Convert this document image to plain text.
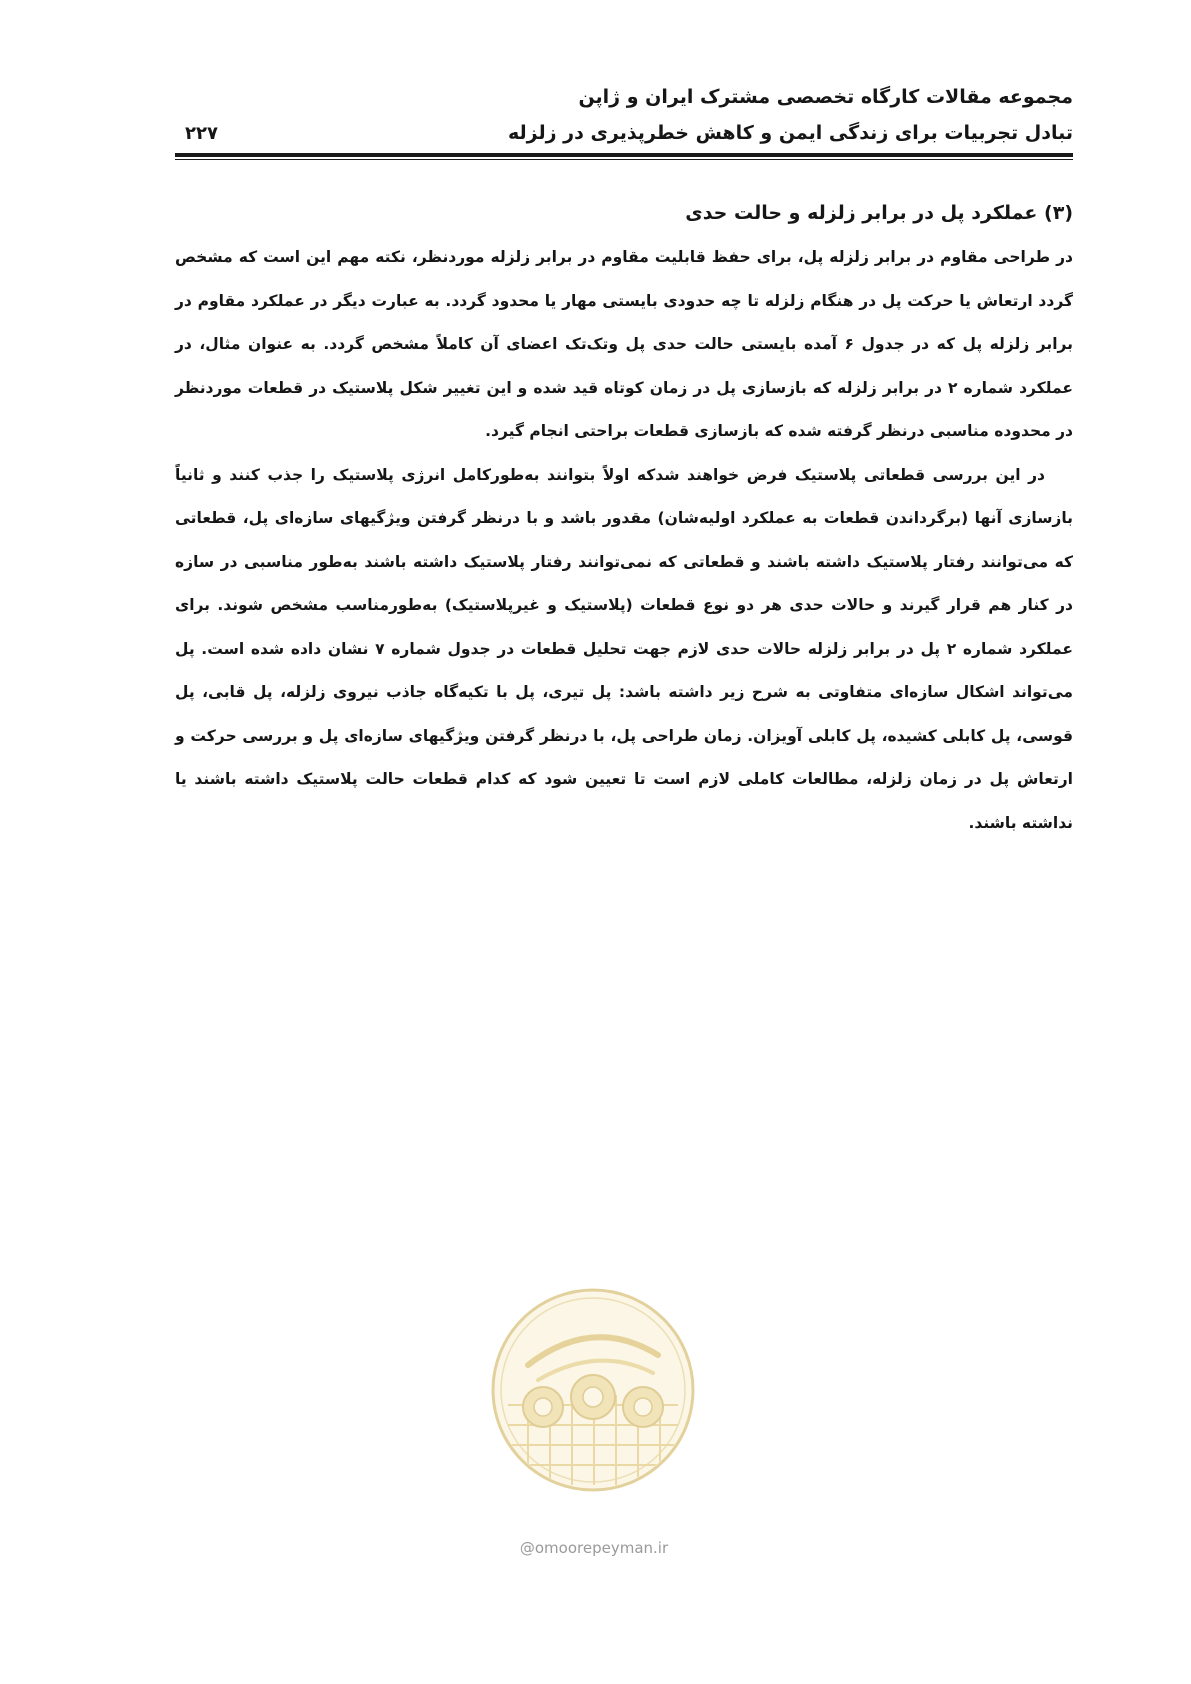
مجموعه مقالات کارگاه تخصصی مشترک ایران و ژاپن
تبادل تجربیات برای زندگی ایمن و کاهش خطرپذیری در زلزله
۲۲۷
(۳) عملکرد پل در برابر زلزله و حالت حدی

در طراحی مقاوم در برابر زلزله پل، برای حفظ قابلیت مقاوم در برابر زلزله موردنظر، نکته مهم این است که مشخص گردد ارتعاش یا حرکت پل در هنگام زلزله تا چه حدودی بایستی مهار یا محدود گردد. به عبارت دیگر در عملکرد مقاوم در برابر زلزله پل که در جدول ۶ آمده بایستی حالت حدی پل وتک‌تک اعضای آن کاملاً مشخص گردد. به عنوان مثال، در عملکرد شماره ۲ در برابر زلزله که بازسازی پل در زمان کوتاه قید شده و این تغییر شکل پلاستیک در قطعات موردنظر در محدوده مناسبی درنظر گرفته شده که بازسازی قطعات براحتی انجام گیرد.

در این بررسی قطعاتی پلاستیک فرض خواهند شدکه اولاً بتوانند به‌طورکامل انرژی پلاستیک را جذب کنند و ثانیاً بازسازی آنها (برگرداندن قطعات به عملکرد اولیه‌شان) مقدور باشد و با درنظر گرفتن ویژگیهای سازه‌ای پل، قطعاتی که می‌توانند رفتار پلاستیک داشته باشند و قطعاتی که نمی‌توانند رفتار پلاستیک داشته باشند به‌طور مناسبی در سازه در کنار هم قرار گیرند و حالات حدی هر دو نوع قطعات (پلاستیک و غیرپلاستیک) به‌طورمناسب مشخص شوند. برای عملکرد شماره ۲ پل در برابر زلزله حالات حدی لازم جهت تحلیل قطعات در جدول شماره ۷ نشان داده شده است. پل می‌تواند اشکال سازه‌ای متفاوتی به شرح زیر داشته باشد: پل تیری، پل با تکیه‌گاه جاذب نیروی زلزله، پل قابی، پل قوسی، پل کابلی کشیده، پل کابلی آویزان. زمان طراحی پل، با درنظر گرفتن ویژگیهای سازه‌ای پل و بررسی حرکت و ارتعاش پل در زمان زلزله، مطالعات کاملی لازم است تا تعیین شود که کدام قطعات حالت پلاستیک داشته باشند یا نداشته باشند.

@omoorepeyman.ir
